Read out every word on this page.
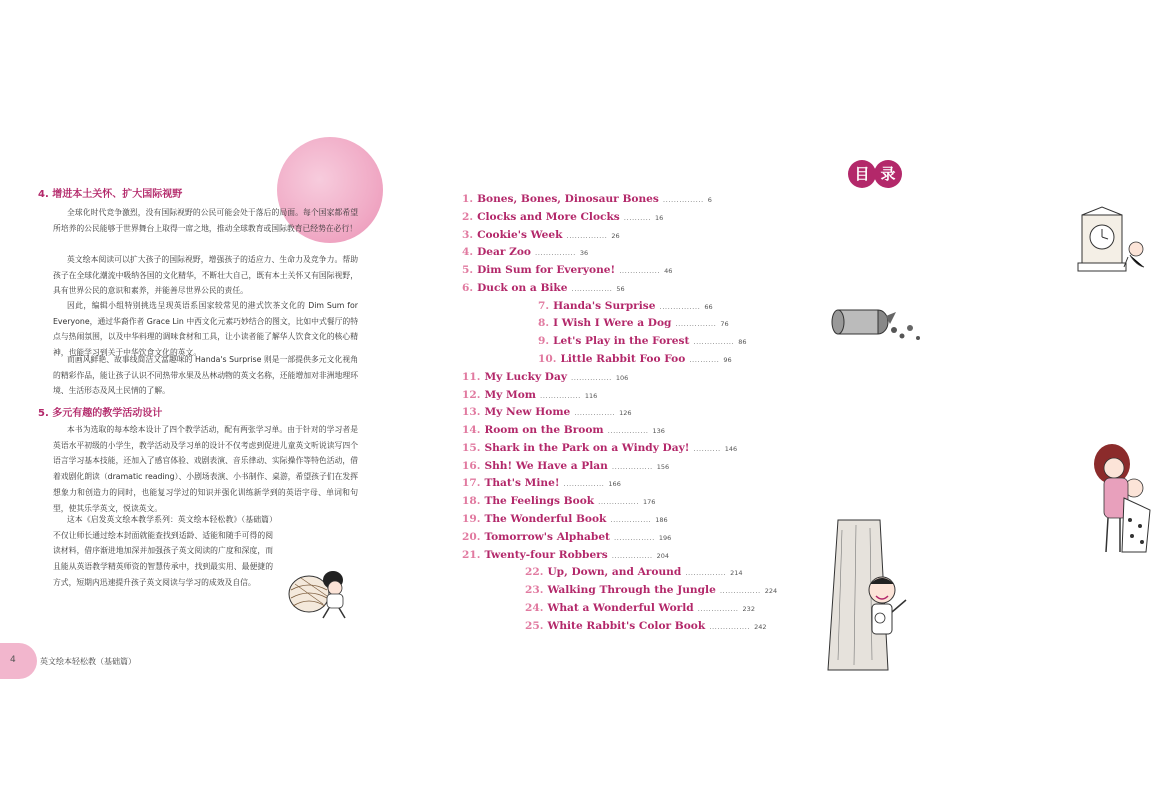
4. 增进本土关怀、扩大国际视野
全球化时代竞争激烈，没有国际视野的公民可能会处于落后的局面。每个国家都希望所培养的公民能够于世界舞台上取得一席之地，推动全球教育或国际教育已经势在必行！
英文绘本阅读可以扩大孩子的国际视野，增强孩子的适应力、生命力及竞争力。帮助孩子在全球化潮流中吸纳各国的文化精华，不断壮大自己，既有本土关怀又有国际视野，具有世界公民的意识和素养，并能善尽世界公民的责任。
因此，编辑小组特别挑选呈现英语系国家较常见的港式饮茶文化的 Dim Sum for Everyone，通过华裔作者 Grace Lin 中西文化元素巧妙结合的图文，比如中式餐厅的特点与热闹氛围，以及中华料理的调味食材和工具，让小读者能了解华人饮食文化的核心精神，也能学习到关于中华饮食文化的英文。
而画风鲜艳、故事线简洁又富趣味的 Handa's Surprise 则是一部提供多元文化视角的精彩作品，能让孩子认识不同热带水果及丛林动物的英文名称，还能增加对非洲地理环境、生活形态及风土民情的了解。
5. 多元有趣的教学活动设计
本书为选取的每本绘本设计了四个教学活动，配有两张学习单。由于针对的学习者是英语水平初级的小学生，教学活动及学习单的设计不仅考虑到促进儿童英文听说读写四个语言学习基本技能，还加入了感官体验、戏剧表演、音乐律动、实际操作等特色活动，借着戏剧化朗读（dramatic reading）、小剧场表演、小书制作、桌游，希望孩子们在发挥想象力和创造力的同时，也能复习学过的知识并强化训练新学到的英语字母、单词和句型，使其乐学英文，悦读英文。
这本《启发英文绘本教学系列：英文绘本轻松教》（基础篇）不仅让师长通过绘本封面就能查找到适龄、适能和随手可得的阅读材料，借序渐进地加深并加强孩子英文阅读的广度和深度，而且能从英语教学精英师资的智慧传承中，找到最实用、最便捷的方式，短期内迅速提升孩子英文阅读与学习的成效及自信。
4	英文绘本轻松教（基础篇）
目 录
1. Bones, Bones, Dinosaur Bones ............... 6
2. Clocks and More Clocks .......... 16
3. Cookie's Week ............... 26
4. Dear Zoo ............... 36
5. Dim Sum for Everyone! ............... 46
6. Duck on a Bike ............... 56
7. Handa's Surprise ............... 66
8. I Wish I Were a Dog ............... 76
9. Let's Play in the Forest ............... 86
10. Little Rabbit Foo Foo ........... 96
11. My Lucky Day ............... 106
12. My Mom ............... 116
13. My New Home ............... 126
14. Room on the Broom ............... 136
15. Shark in the Park on a Windy Day! .......... 146
16. Shh! We Have a Plan ............... 156
17. That's Mine! ............... 166
18. The Feelings Book ............... 176
19. The Wonderful Book ............... 186
20. Tomorrow's Alphabet ............... 196
21. Twenty-four Robbers ............... 204
22. Up, Down, and Around ............... 214
23. Walking Through the Jungle ............... 224
24. What a Wonderful World ............... 232
25. White Rabbit's Color Book ............... 242
